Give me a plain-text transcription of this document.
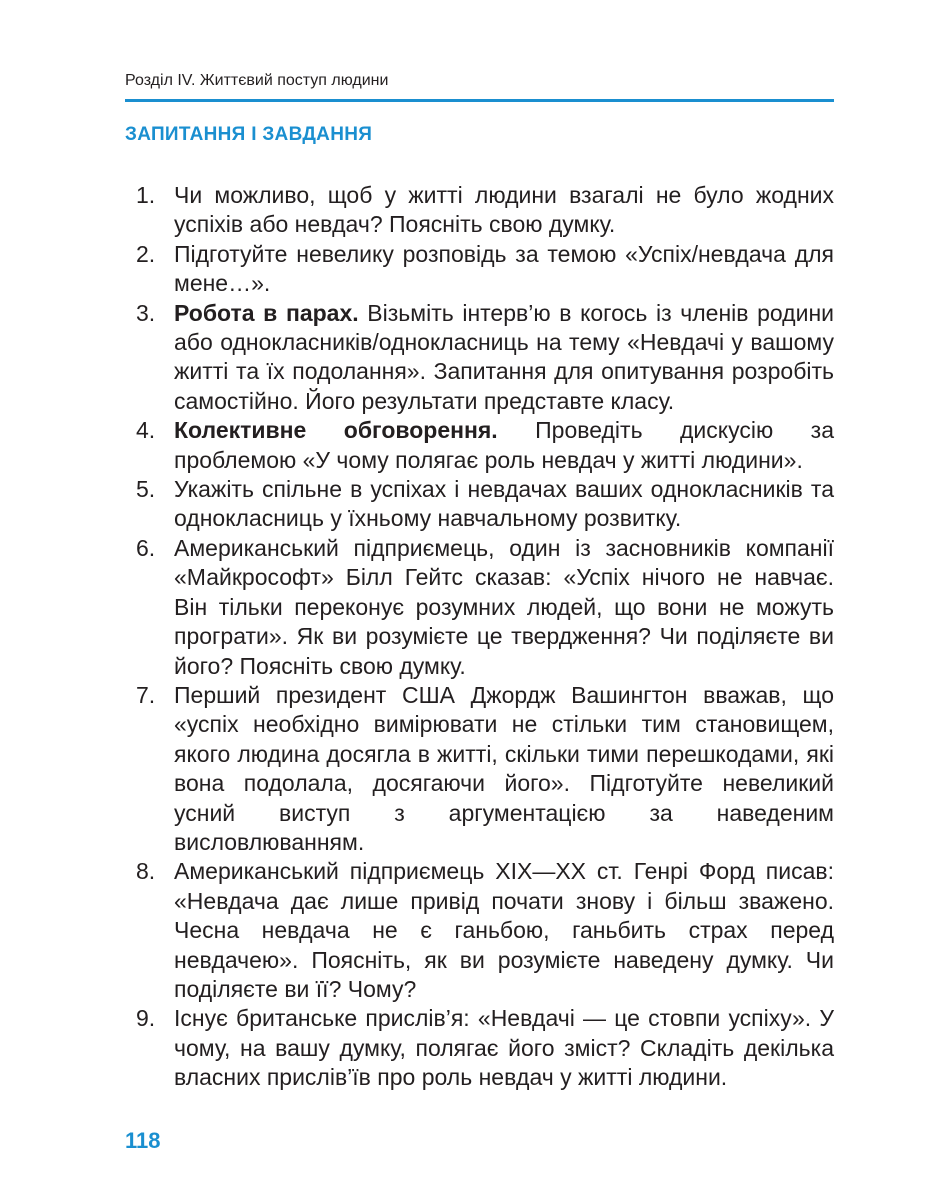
Розділ IV. Життєвий поступ людини
ЗАПИТАННЯ І ЗАВДАННЯ
1. Чи можливо, щоб у житті людини взагалі не було жодних успіхів або невдач? Поясніть свою думку.
2. Підготуйте невелику розповідь за темою «Успіх/невдача для мене…».
3. Робота в парах. Візьміть інтерв’ю в когось із членів родини або однокласників/однокласниць на тему «Невдачі у вашому житті та їх подолання». Запитання для опитування розробіть самостійно. Його результати представте класу.
4. Колективне обговорення. Проведіть дискусію за проблемою «У чому полягає роль невдач у житті людини».
5. Укажіть спільне в успіхах і невдачах ваших однокласників та однокласниць у їхньому навчальному розвитку.
6. Американський підприємець, один із засновників компанії «Майкрософт» Білл Гейтс сказав: «Успіх нічого не навчає. Він тільки переконує розумних людей, що вони не можуть програти». Як ви розумієте це твердження? Чи поділяєте ви його? Поясніть свою думку.
7. Перший президент США Джордж Вашингтон вважав, що «успіх необхідно вимірювати не стільки тим становищем, якого людина досягла в житті, скільки тими перешкодами, які вона подолала, досягаючи його». Підготуйте невеликий усний виступ з аргументацією за наведеним висловлюванням.
8. Американський підприємець XIX—XX ст. Генрі Форд писав: «Невдача дає лише привід почати знову і більш зважено. Чесна невдача не є ганьбою, ганьбить страх перед невдачею». Поясніть, як ви розумієте наведену думку. Чи поділяєте ви її? Чому?
9. Існує британське прислів’я: «Невдачі — це стовпи успіху». У чому, на вашу думку, полягає його зміст? Складіть декілька власних прислів’їв про роль невдач у житті людини.
118
